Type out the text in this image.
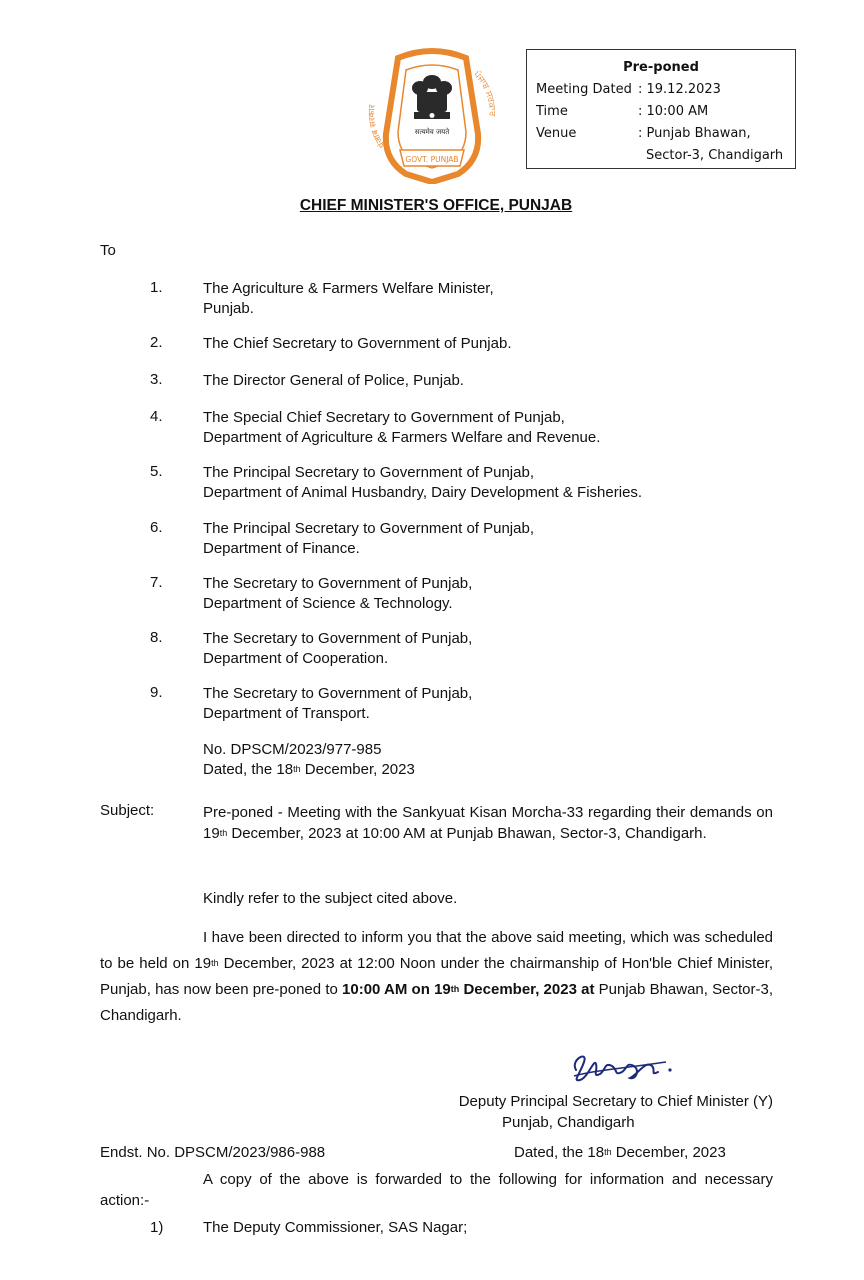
सत्यमेव जयते
पंजाब सरकार
ਪੰਜਾਬ ਸਰਕਾਰ
GOVT. PUNJAB
Pre-poned
Meeting Dated : 19.12.2023
Time	: 10:00 AM
Venue	: Punjab Bhawan,
Sector-3, Chandigarh
CHIEF MINISTER'S OFFICE, PUNJAB
To
1.	The Agriculture & Farmers Welfare Minister,
Punjab.
2.	The Chief Secretary to Government of Punjab.
3.	The Director General of Police, Punjab.
4.	The Special Chief Secretary to Government of Punjab,
Department of Agriculture & Farmers Welfare and Revenue.
5.	The Principal Secretary to Government of Punjab,
Department of Animal Husbandry, Dairy Development & Fisheries.
6.	The Principal Secretary to Government of Punjab,
Department of Finance.
7.	The Secretary to Government of Punjab,
Department of Science & Technology.
8.	The Secretary to Government of Punjab,
Department of Cooperation.
9.	The Secretary to Government of Punjab,
Department of Transport.
No. DPSCM/2023/977-985
Dated, the 18th December, 2023
Subject:	Pre-poned - Meeting with the Sankyuat Kisan Morcha-33 regarding their demands on 19th December, 2023 at 10:00 AM at Punjab Bhawan, Sector-3, Chandigarh.
Kindly refer to the subject cited above.
I have been directed to inform you that the above said meeting, which was scheduled to be held on 19th December, 2023 at 12:00 Noon under the chairmanship of Hon'ble Chief Minister, Punjab, has now been pre-poned to 10:00 AM on 19th December, 2023 at Punjab Bhawan, Sector-3, Chandigarh.
Deputy Principal Secretary to Chief Minister (Y)
Punjab, Chandigarh
Endst. No. DPSCM/2023/986-988	Dated, the 18th December, 2023
A copy of the above is forwarded to the following for information and necessary action:-
1)	The Deputy Commissioner, SAS Nagar;
